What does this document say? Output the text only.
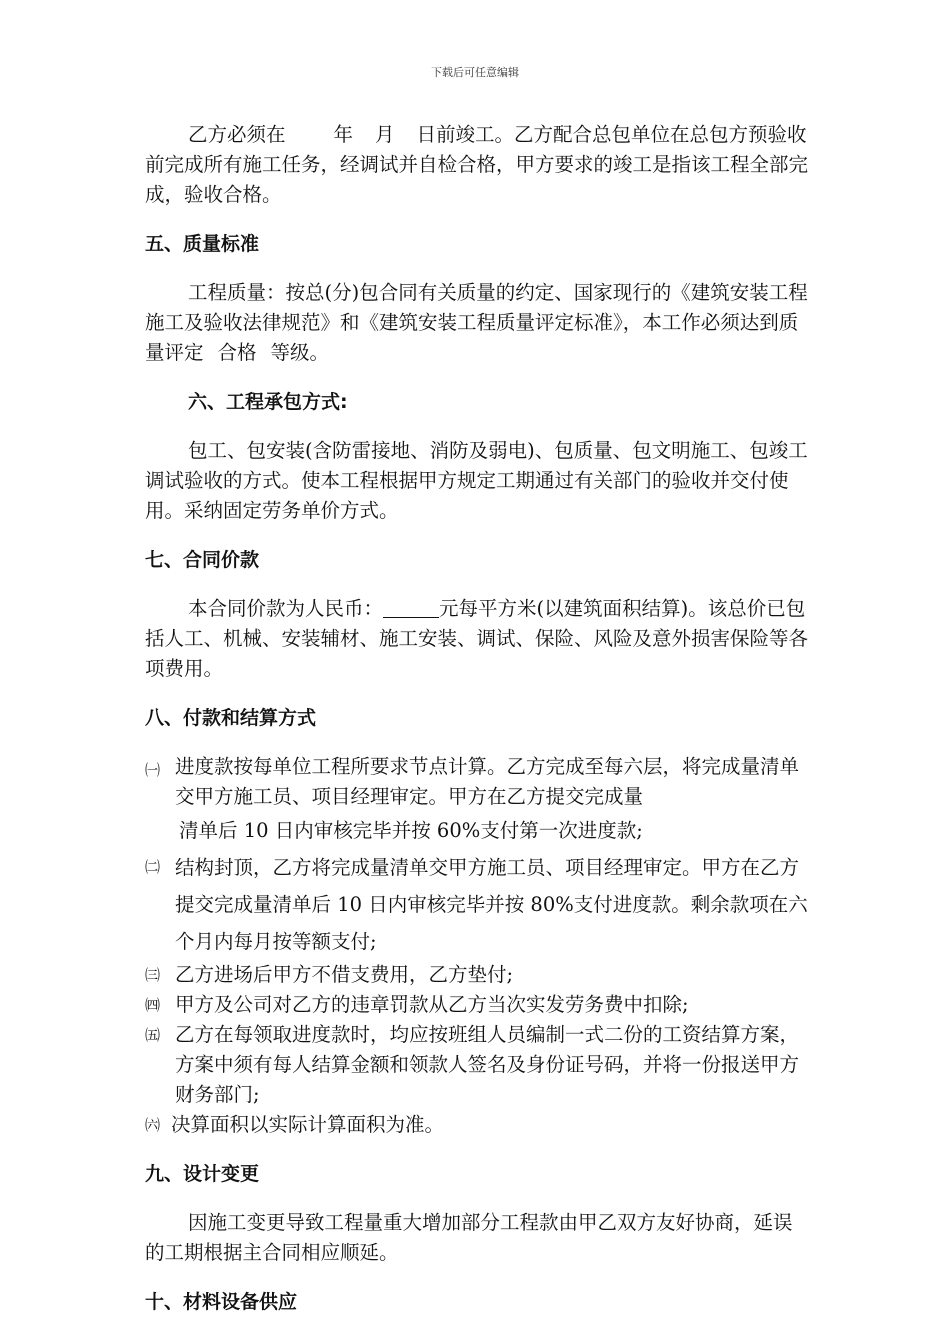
下载后可任意编辑

乙方必须在 年 月 日前竣工。乙方配合总包单位在总包方预验收前完成所有施工任务，经调试并自检合格，甲方要求的竣工是指该工程全部完成，验收合格。

五、质量标准

工程质量：按总(分)包合同有关质量的约定、国家现行的《建筑安装工程施工及验收法律规范》和《建筑安装工程质量评定标准》，本工作必须达到质量评定 合格 等级。

六、工程承包方式:

包工、包安装(含防雷接地、消防及弱电)、包质量、包文明施工、包竣工调试验收的方式。使本工程根据甲方规定工期通过有关部门的验收并交付使用。采纳固定劳务单价方式。

七、合同价款

本合同价款为人民币：	元每平方米(以建筑面积结算)。该总价已包括人工、机械、安装辅材、施工安装、调试、保险、风险及意外损害保险等各项费用。

八、付款和结算方式
㈠ 进度款按每单位工程所要求节点计算。乙方完成至每六层，将完成量清单交甲方施工员、项目经理审定。甲方在乙方提交完成量
清单后 10 日内审核完毕并按 60%支付第一次进度款;
㈡ 结构封顶，乙方将完成量清单交甲方施工员、项目经理审定。甲方在乙方提交完成量清单后 10 日内审核完毕并按 80%支付进度款。剩余款项在六个月内每月按等额支付;
㈢ 乙方进场后甲方不借支费用，乙方垫付;
㈣ 甲方及公司对乙方的违章罚款从乙方当次实发劳务费中扣除;
㈤ 乙方在每领取进度款时，均应按班组人员编制一式二份的工资结算方案，方案中须有每人结算金额和领款人签名及身份证号码，并将一份报送甲方财务部门;
㈥ 决算面积以实际计算面积为准。
九、设计变更

因施工变更导致工程量重大增加部分工程款由甲乙双方友好协商，延误的工期根据主合同相应顺延。

十、材料设备供应
